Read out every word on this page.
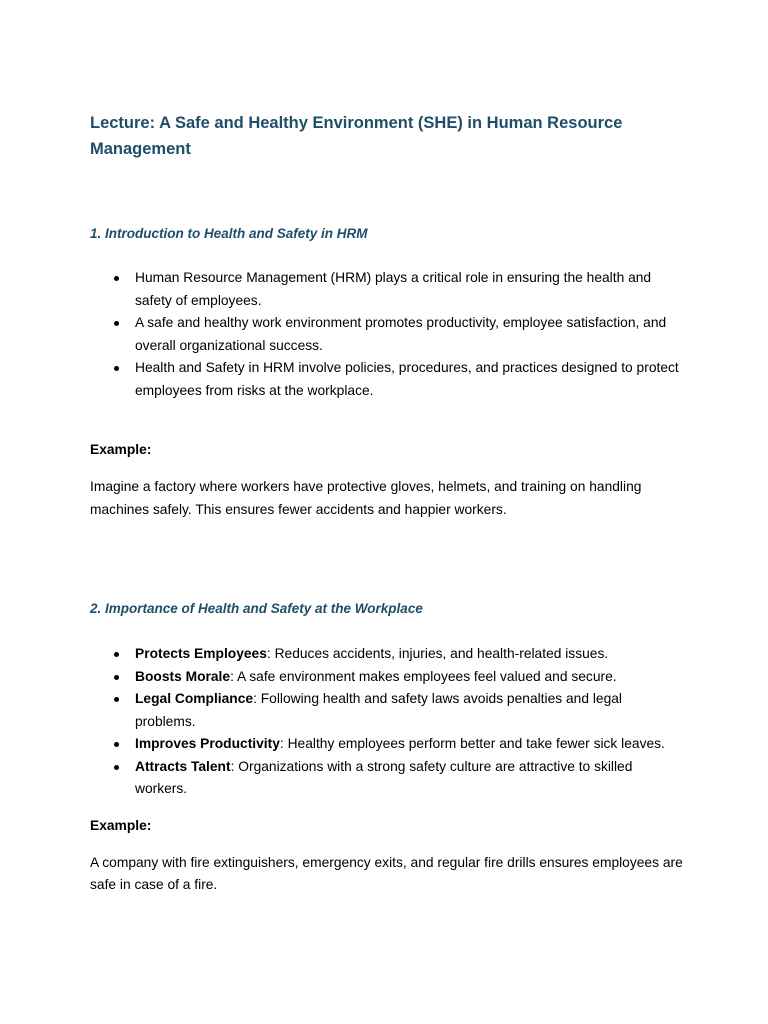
Lecture: A Safe and Healthy Environment (SHE) in Human Resource Management
1. Introduction to Health and Safety in HRM
Human Resource Management (HRM) plays a critical role in ensuring the health and safety of employees.
A safe and healthy work environment promotes productivity, employee satisfaction, and overall organizational success.
Health and Safety in HRM involve policies, procedures, and practices designed to protect employees from risks at the workplace.

Example:

Imagine a factory where workers have protective gloves, helmets, and training on handling machines safely. This ensures fewer accidents and happier workers.

2. Importance of Health and Safety at the Workplace
Protects Employees: Reduces accidents, injuries, and health-related issues.
Boosts Morale: A safe environment makes employees feel valued and secure.
Legal Compliance: Following health and safety laws avoids penalties and legal problems.
Improves Productivity: Healthy employees perform better and take fewer sick leaves.
Attracts Talent: Organizations with a strong safety culture are attractive to skilled workers.

Example:

A company with fire extinguishers, emergency exits, and regular fire drills ensures employees are safe in case of a fire.
